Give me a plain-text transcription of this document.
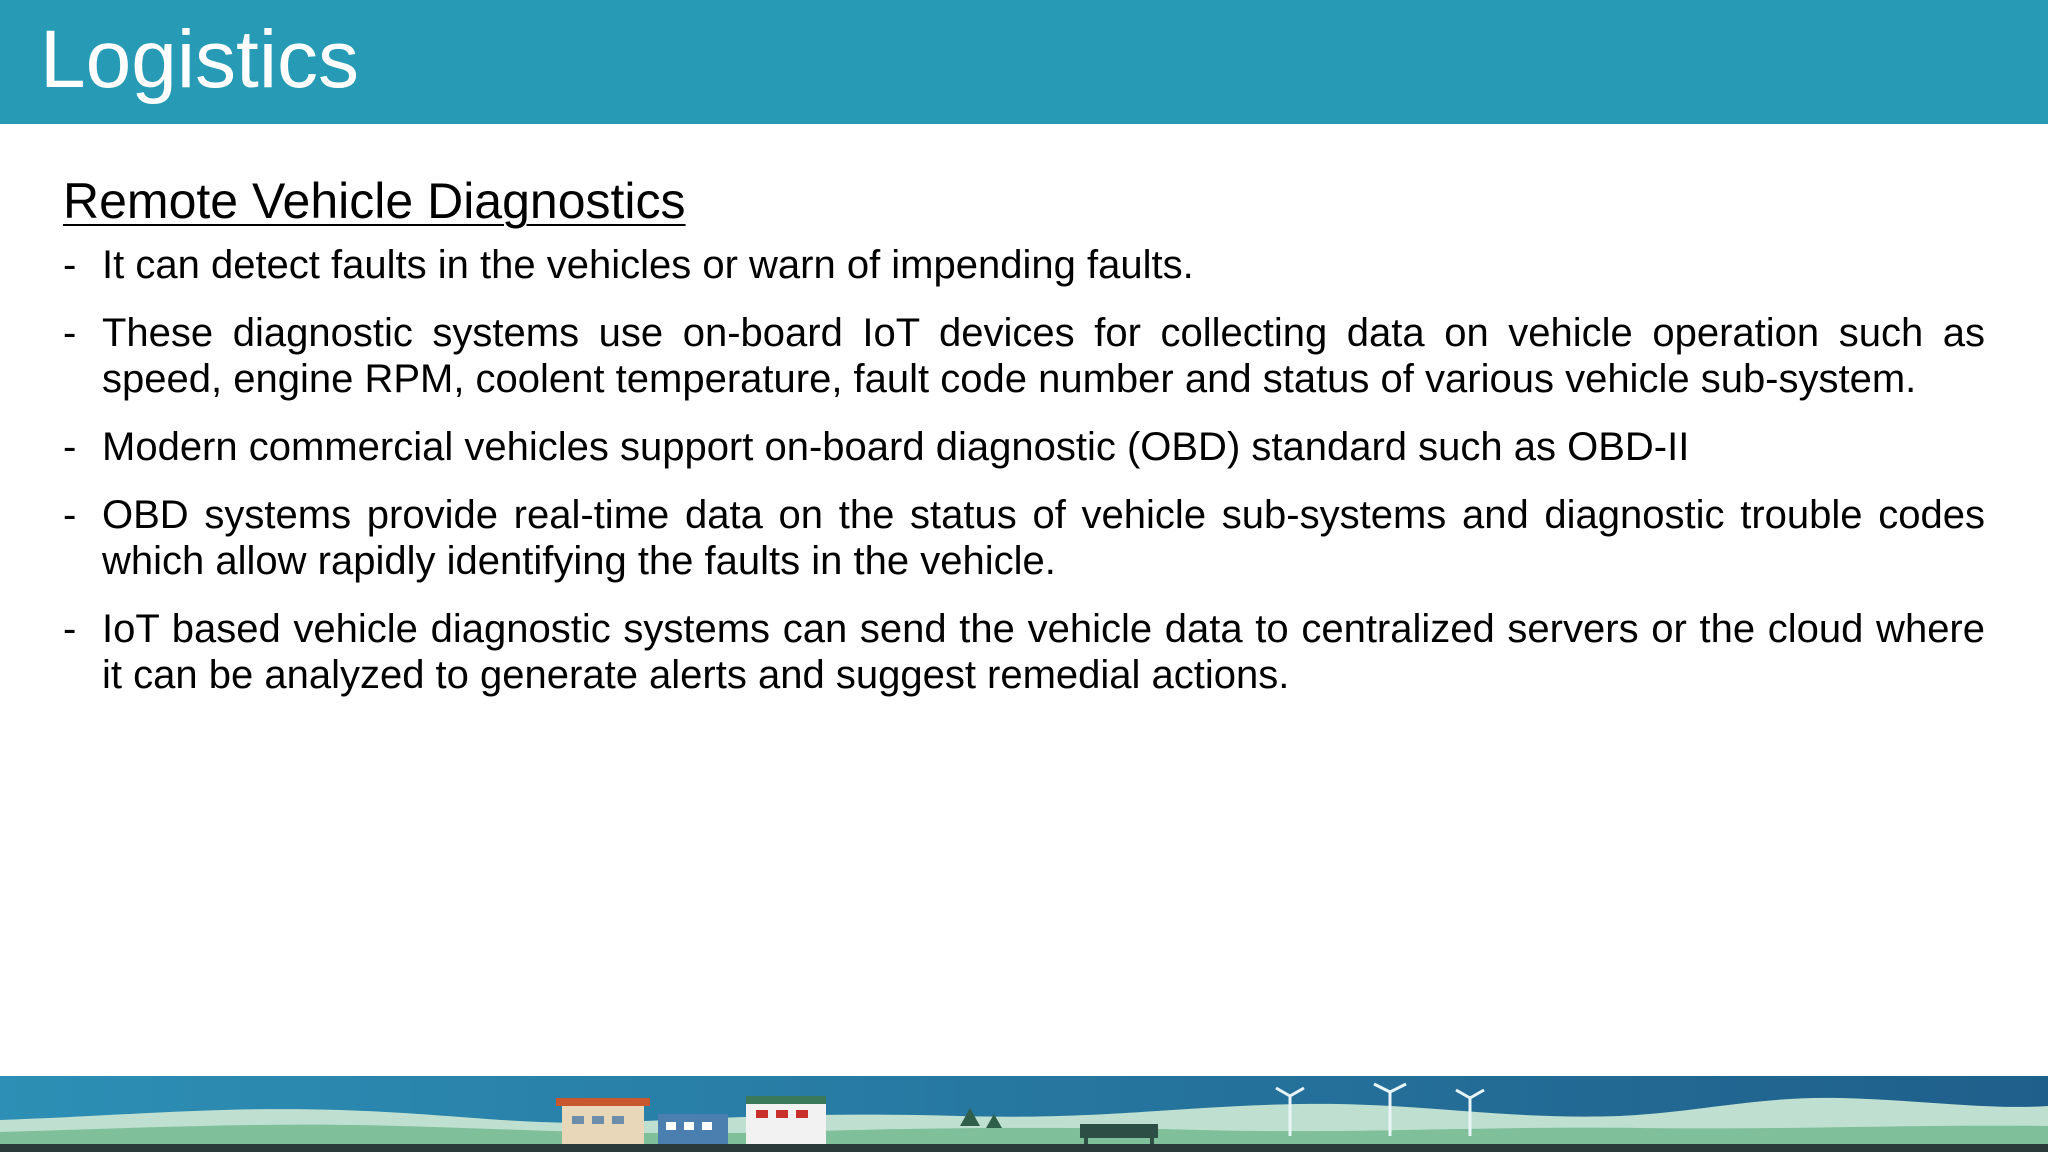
Logistics
Remote Vehicle Diagnostics
- It can detect faults in the vehicles or warn of impending faults.
- These diagnostic systems use on-board IoT devices for collecting data on vehicle operation such as speed, engine RPM, coolent temperature, fault code number and status of various vehicle sub-system.
- Modern commercial vehicles support on-board diagnostic (OBD) standard such as OBD-II
- OBD systems provide real-time data on the status of vehicle sub-systems and diagnostic trouble codes which allow rapidly identifying the faults in the vehicle.
- IoT based vehicle diagnostic systems can send the vehicle data to centralized servers or the cloud where it can be analyzed to generate alerts and suggest remedial actions.
